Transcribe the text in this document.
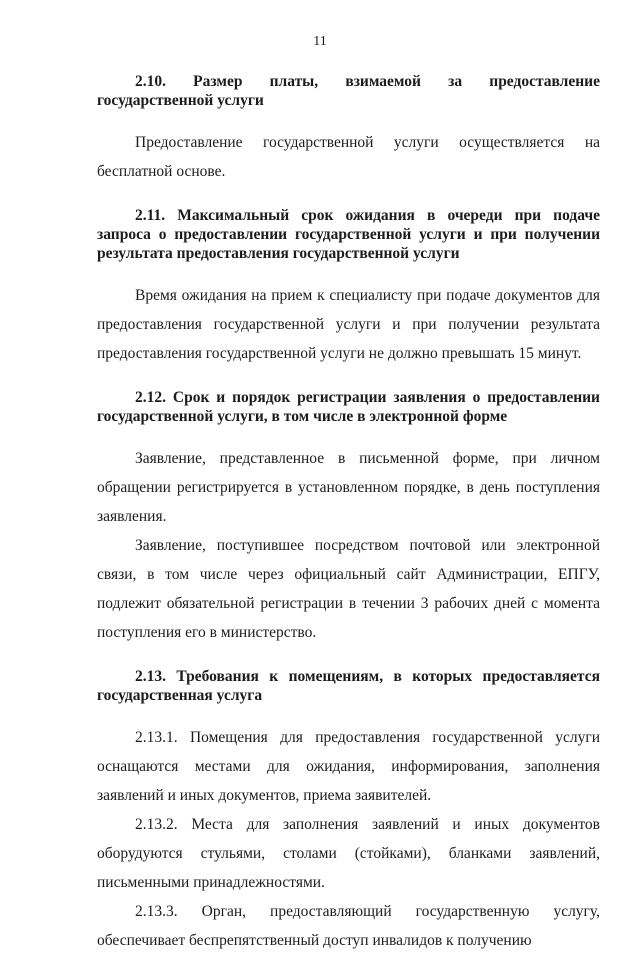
11

2.10. Размер платы, взимаемой за предоставление государственной услуги

Предоставление государственной услуги осуществляется на бесплатной основе.

2.11. Максимальный срок ожидания в очереди при подаче запроса о предоставлении государственной услуги и при получении результата предоставления государственной услуги

Время ожидания на прием к специалисту при подаче документов для предоставления государственной услуги и при получении результата предоставления государственной услуги не должно превышать 15 минут.

2.12. Срок и порядок регистрации заявления о предоставлении государственной услуги, в том числе в электронной форме

Заявление, представленное в письменной форме, при личном обращении регистрируется в установленном порядке, в день поступления заявления.

Заявление, поступившее посредством почтовой или электронной связи, в том числе через официальный сайт Администрации, ЕПГУ, подлежит обязательной регистрации в течении 3 рабочих дней с момента поступления его в министерство.

2.13. Требования к помещениям, в которых предоставляется государственная услуга

2.13.1. Помещения для предоставления государственной услуги оснащаются местами для ожидания, информирования, заполнения заявлений и иных документов, приема заявителей.

2.13.2. Места для заполнения заявлений и иных документов оборудуются стульями, столами (стойками), бланками заявлений, письменными принадлежностями.

2.13.3. Орган, предоставляющий государственную услугу, обеспечивает беспрепятственный доступ инвалидов к получению
